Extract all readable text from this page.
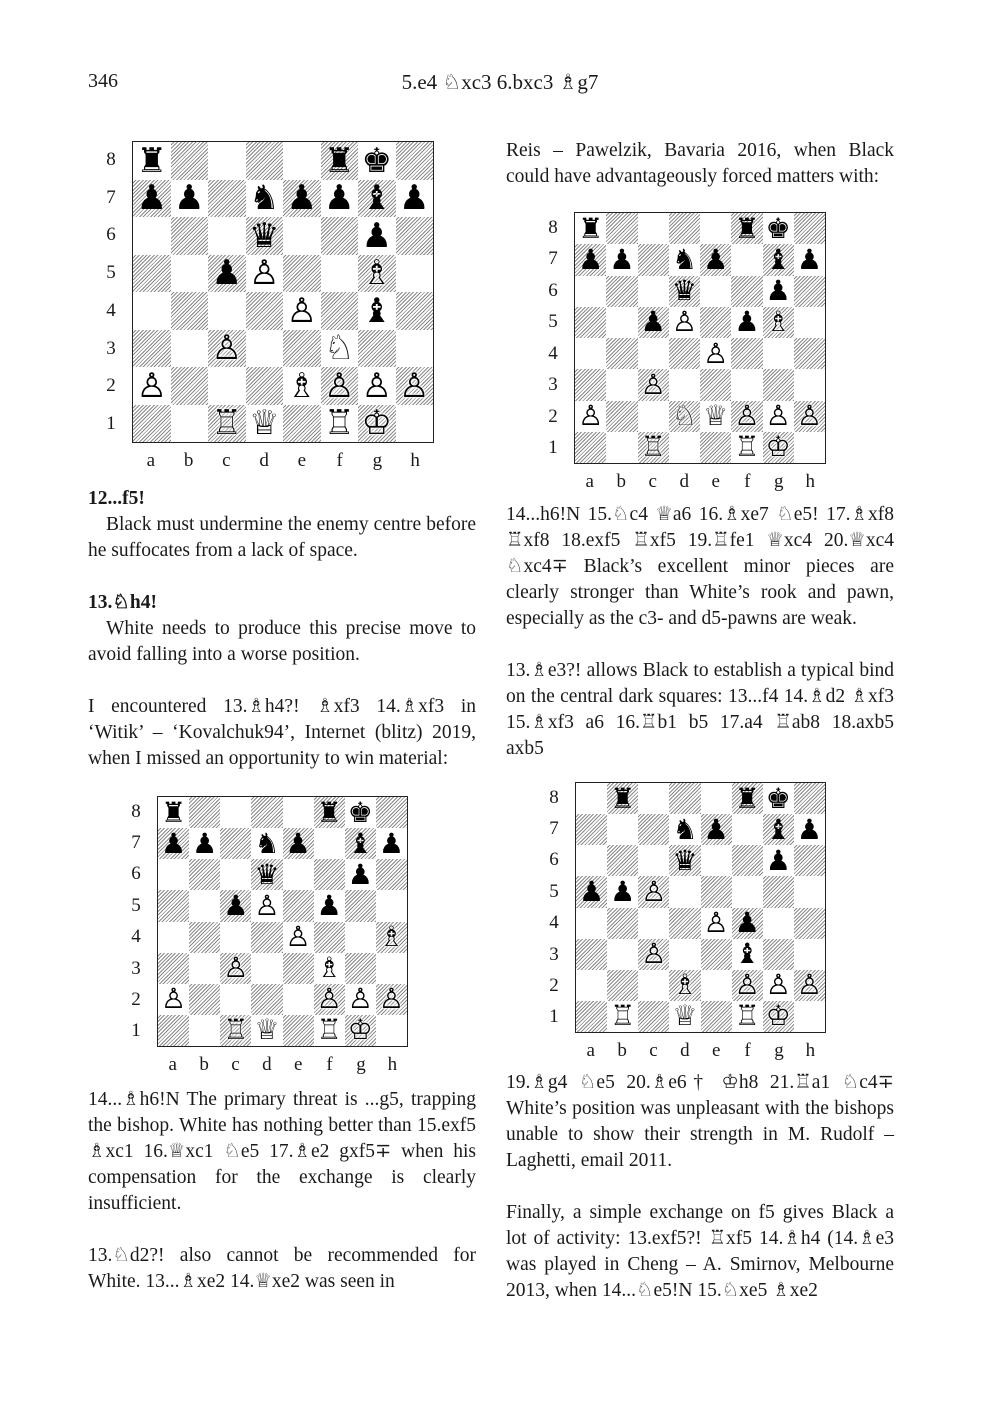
346	5.e4 ♘xc3 6.bxc3 ♗g7
♜	♜ ♚
♟ ♟ ♞ ♟ ♟ ♝ ♟
♛ ♟
♟ ♙ ♗
♙ ♝
♙ ♘
♙	♗ ♙ ♙ ♙
♖ ♕ ♖ ♔
8
7
6
5
4
3
2
1
a	b	c	d	e	f	g	h
♜	♜ ♚
♟ ♟ ♞ ♟ ♝ ♟
♛ ♟
♟ ♙ ♟ ♗
♙
♙
♙ ♘ ♕ ♙ ♙ ♙
♖ ♖ ♔
8
7
6
5
4
3
2
1
a	b	c	d	e	f	g	h
♜	♜ ♚
♟ ♟ ♞ ♟ ♝ ♟
♛ ♟
♟ ♙ ♟
♙ ♗
♙ ♗
♙	♙ ♙ ♙
♖ ♕ ♖ ♔
8
7
6
5
4
3
2
1
a	b	c	d	e	f	g	h
♜	♜ ♚
♞ ♟ ♝ ♟
♛ ♟
♟ ♟ ♙
♙ ♟
♙ ♝
♗ ♙ ♙ ♙
♖ ♕ ♖ ♔
8
7
6
5
4
3
2
1
a	b	c	d	e	f	g	h

12...f5!

Black must undermine the enemy centre before he suffocates from a lack of space.

13.♘h4!

White needs to produce this precise move to avoid falling into a worse position.

I encountered 13.♗h4?! ♗xf3 14.♗xf3 in ‘Witik’ – ‘Kovalchuk94’, Internet (blitz) 2019, when I missed an opportunity to win material:

14...♗h6!N The primary threat is ...g5, trapping the bishop. White has nothing better than 15.exf5 ♗xc1 16.♕xc1 ♘e5 17.♗e2 gxf5∓ when his compensation for the exchange is clearly insufficient.

13.♘d2?! also cannot be recommended for White. 13...♗xe2 14.♕xe2 was seen in

Reis – Pawelzik, Bavaria 2016, when Black could have advantageously forced matters with:

14...h6!N 15.♘c4 ♕a6 16.♗xe7 ♘e5! 17.♗xf8 ♖xf8 18.exf5 ♖xf5 19.♖fe1 ♕xc4 20.♕xc4 ♘xc4∓ Black’s excellent minor pieces are clearly stronger than White’s rook and pawn, especially as the c3- and d5-pawns are weak.

13.♗e3?! allows Black to establish a typical bind on the central dark squares: 13...f4 14.♗d2 ♗xf3 15.♗xf3 a6 16.♖b1 b5 17.a4 ♖ab8 18.axb5 axb5

19.♗g4 ♘e5 20.♗e6† ♔h8 21.♖a1 ♘c4∓ White’s position was unpleasant with the bishops unable to show their strength in M. Rudolf – Laghetti, email 2011.

Finally, a simple exchange on f5 gives Black a lot of activity: 13.exf5?! ♖xf5 14.♗h4 (14.♗e3 was played in Cheng – A. Smirnov, Melbourne 2013, when 14...♘e5!N 15.♘xe5 ♗xe2
